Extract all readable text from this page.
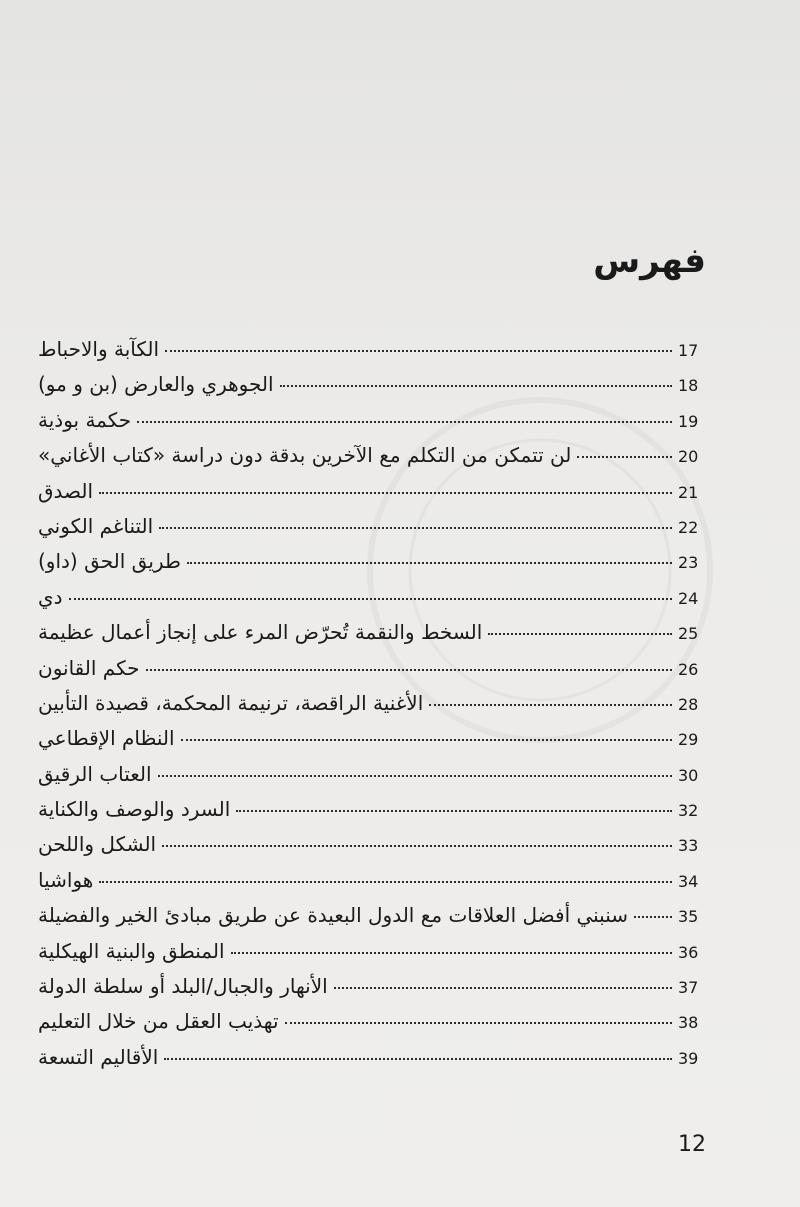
فهرس
الكآبة والاحباط	17
الجوهري والعارض (بن و مو)	18
حكمة بوذية	19
لن تتمكن من التكلم مع الآخرين بدقة دون دراسة «كتاب الأغاني»	20
الصدق	21
التناغم الكوني	22
طريق الحق (داو)	23
دي	24
السخط والنقمة تُحرّض المرء على إنجاز أعمال عظيمة	25
حكم القانون	26
الأغنية الراقصة، ترنيمة المحكمة، قصيدة التأبين	28
النظام الإقطاعي	29
العتاب الرقيق	30
السرد والوصف والكناية	32
الشكل واللحن	33
هواشيا	34
سنبني أفضل العلاقات مع الدول البعيدة عن طريق مبادئ الخير والفضيلة	35
المنطق والبنية الهيكلية	36
الأنهار والجبال/البلد أو سلطة الدولة	37
تهذيب العقل من خلال التعليم	38
الأقاليم التسعة	39
12
